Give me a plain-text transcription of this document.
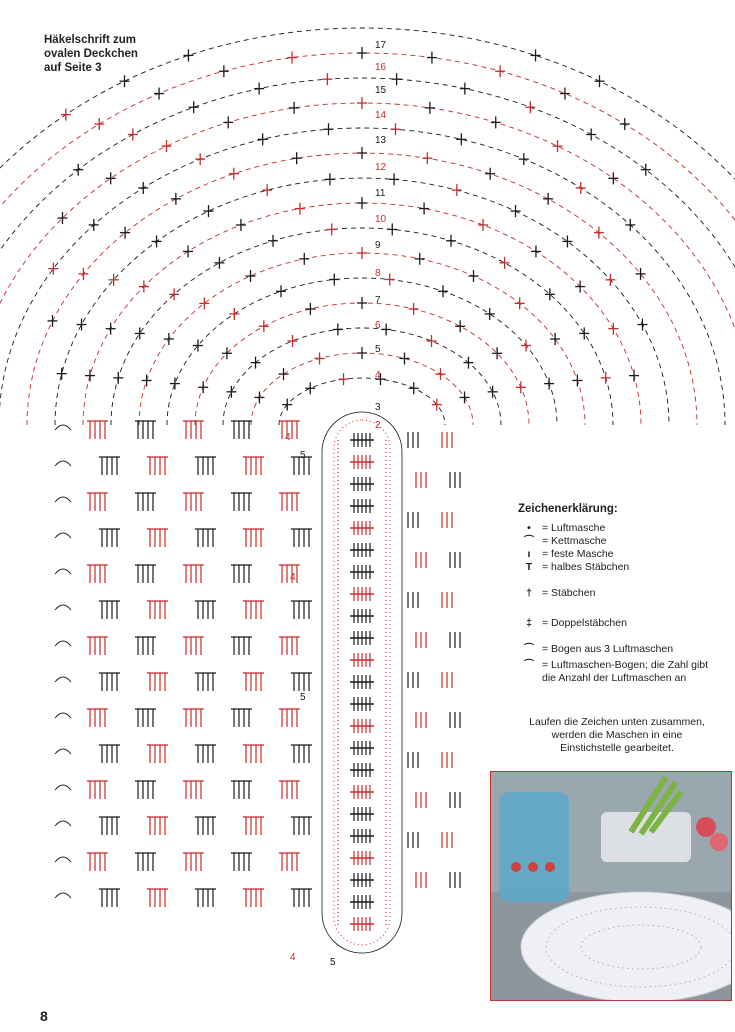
Häkelschrift zum
ovalen Deckchen
auf Seite 3
2
3
4
5
6
7
8
9
10
11
12
13
14
15
16
17
4
5
4
5
4	5
Zeichenerklärung:
•	= Luftmasche
⌒ = Kettmasche
ı	= feste Masche
T = halbes Stäbchen
† = Stäbchen
‡ = Doppelstäbchen
⌒ = Bogen aus 3 Luftmaschen
⌒ = Luftmaschen-Bogen; die Zahl gibt
die Anzahl der Luftmaschen an
Laufen die Zeichen unten zusammen,
werden die Maschen in eine
Einstichstelle gearbeitet.
8
